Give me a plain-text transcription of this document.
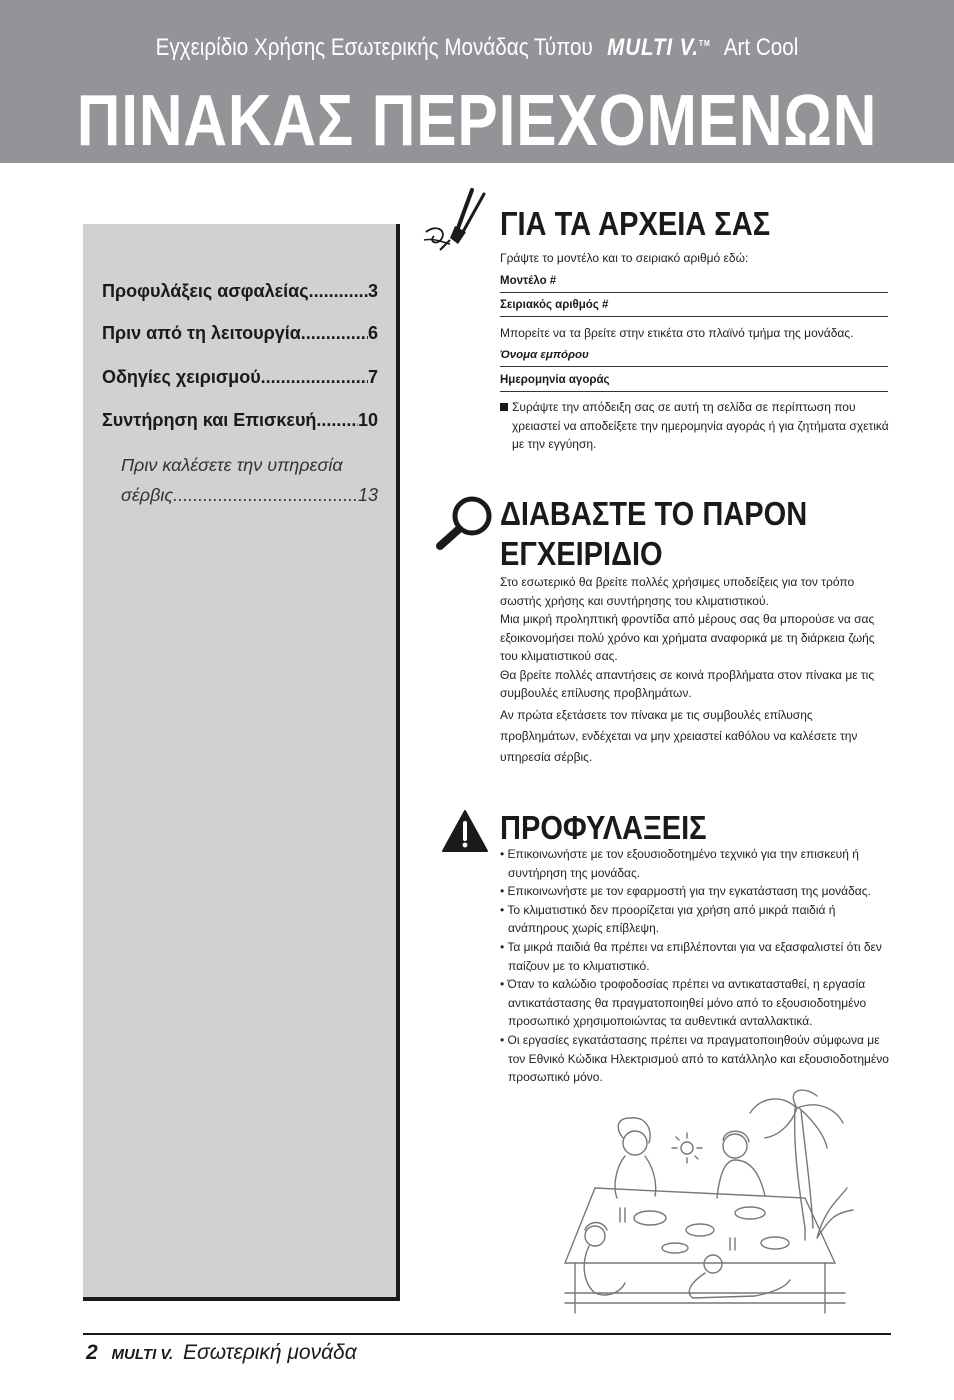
Εγχειρίδιο Χρήσης Εσωτερικής Μονάδας Τύπου MULTI V.™ Art Cool
ΠΙΝΑΚΑΣ ΠΕΡΙΕΧΟΜΕΝΩΝ
Προφυλάξεις ασφαλείας .....	3
Πριν από τη λειτουργία .....	6
Οδηγίες χειρισμού .....	7
Συντήρηση και Επισκευή ..... 10
Πριν καλέσετε την υπηρεσία
σέρβις .....	13
ΓΙΑ ΤΑ ΑΡΧΕΙΑ ΣΑΣ
Γράψτε το μοντέλο και το σειριακό αριθμό εδώ:
Μοντέλο #
Σειριακός αριθμός #
Μπορείτε να τα βρείτε στην ετικέτα στο πλαϊνό τμήμα της μονάδας.
Όνομα εμπόρου
Ημερομηνία αγοράς
Συράψτε την απόδειξη σας σε αυτή τη σελίδα σε περίπτωση που χρειαστεί να αποδείξετε την ημερομηνία αγοράς ή για ζητήματα σχετικά με την εγγύηση.
ΔΙΑΒΑΣΤΕ ΤΟ ΠΑΡΟΝ
ΕΓΧΕΙΡΙΔΙΟ
Στο εσωτερικό θα βρείτε πολλές χρήσιμες υποδείξεις για τον τρόπο σωστής χρήσης και συντήρησης του κλιματιστικού.
Μια μικρή προληπτική φροντίδα από μέρους σας θα μπορούσε να σας εξοικονομήσει πολύ χρόνο και χρήματα αναφορικά με τη διάρκεια ζωής του κλιματιστικού σας.
Θα βρείτε πολλές απαντήσεις σε κοινά προβλήματα στον πίνακα με τις συμβουλές επίλυσης προβλημάτων.
Αν πρώτα εξετάσετε τον πίνακα με τις συμβουλές επίλυσης προβλημάτων, ενδέχεται να μην χρειαστεί καθόλου να καλέσετε την υπηρεσία σέρβις.
ΠΡΟΦΥΛΑΞΕΙΣ
• Επικοινωνήστε με τον εξουσιοδοτημένο τεχνικό για την επισκευή ή συντήρηση της μονάδας.
• Επικοινωνήστε με τον εφαρμοστή για την εγκατάσταση της μονάδας.
• Το κλιματιστικό δεν προορίζεται για χρήση από μικρά παιδιά ή ανάπηρους χωρίς επίβλεψη.
• Τα μικρά παιδιά θα πρέπει να επιβλέπονται για να εξασφαλιστεί ότι δεν παίζουν με το κλιματιστικό.
• Όταν το καλώδιο τροφοδοσίας πρέπει να αντικατασταθεί, η εργασία αντικατάστασης θα πραγματοποιηθεί μόνο από το εξουσιοδοτημένο προσωπικό χρησιμοποιώντας τα αυθεντικά ανταλλακτικά.
• Οι εργασίες εγκατάστασης πρέπει να πραγματοποιηθούν σύμφωνα με τον Εθνικό Κώδικα Ηλεκτρισμού από το κατάλληλο και εξουσιοδοτημένο προσωπικό μόνο.
2 MULTI V. Εσωτερική μονάδα
